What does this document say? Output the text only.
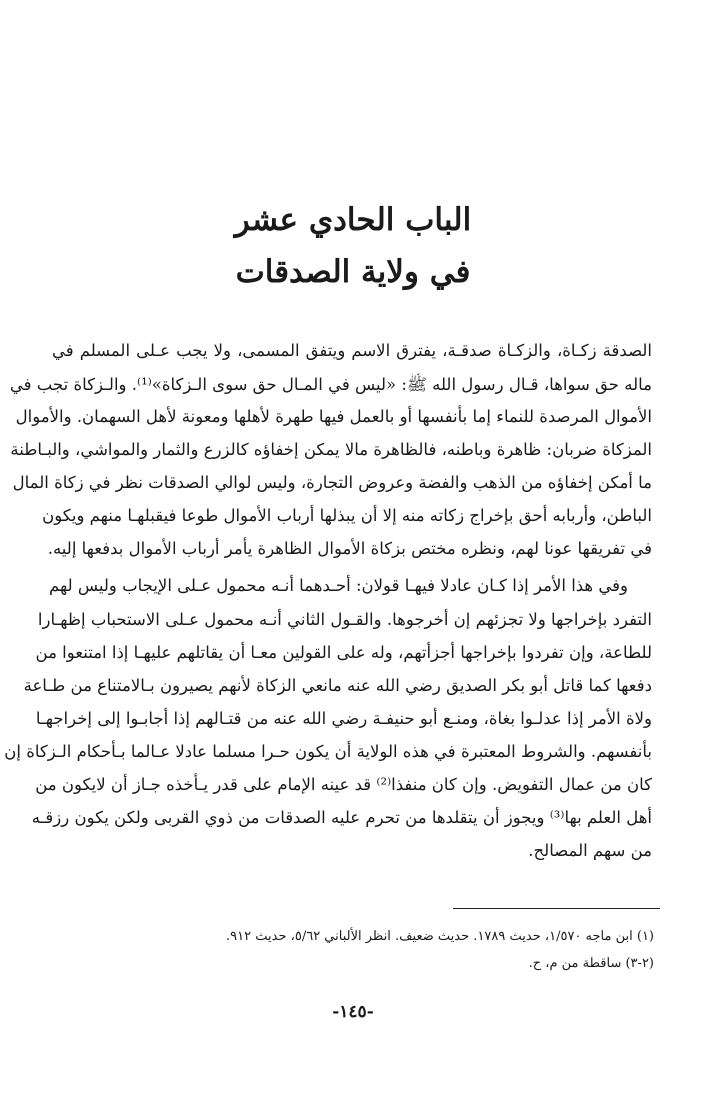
الباب الحادي عشر
في ولاية الصدقات
الصدقة زكـاة، والزكـاة صدقـة، يفترق الاسم ويتفق المسمى، ولا يجب عـلى المسلم في
ماله حق سواها، قـال رسول الله ﷺ: «ليس في المـال حق سوى الـزكاة»⁽¹⁾. والـزكاة تجب في
الأموال المرصدة للنماء إما بأنفسها أو بالعمل فيها طهرة لأهلها ومعونة لأهل السهمان. والأموال
المزكاة ضربان: ظاهرة وباطنه، فالظاهرة مالا يمكن إخفاؤه كالزرع والثمار والمواشي، والبـاطنة
ما أمكن إخفاؤه من الذهب والفضة وعروض التجارة، وليس لوالي الصدقات نظر في زكاة المال
الباطن، وأربابه أحق بإخراج زكاته منه إلا أن يبذلها أرباب الأموال طوعا فيقبلهـا منهم ويكون
في تفريقها عونا لهم، ونظره مختص بزكاة الأموال الظاهرة يأمر أرباب الأموال بدفعها إليه.
وفي هذا الأمر إذا كـان عادلا فيهـا قولان: أحـدهما أنـه محمول عـلى الإيجاب وليس لهم
التفرد بإخراجها ولا تجزئهم إن أخرجوها. والقـول الثاني أنـه محمول عـلى الاستحباب إظهـارا
للطاعة، وإن تفردوا بإخراجها أجزأتهم، وله على القولين معـا أن يقاتلهم عليهـا إذا امتنعوا من
دفعها كما قاتل أبو بكر الصديق رضي الله عنه مانعي الزكاة لأنهم يصيرون بـالامتناع من طـاعة
ولاة الأمر إذا عدلـوا بغاة، ومنـع أبو حنيفـة رضي الله عنه من قتـالهم إذا أجابـوا إلى إخراجهـا
بأنفسهم. والشروط المعتبرة في هذه الولاية أن يكون حـرا مسلما عادلا عـالما بـأحكام الـزكاة إن
كان من عمال التفويض. وإن كان منفذا⁽²⁾ قد عينه الإمام على قدر يـأخذه جـاز أن لايكون من
أهل العلم بها⁽³⁾ ويجوز أن يتقلدها من تحرم عليه الصدقات من ذوي القربى ولكن يكون رزقـه
من سهم المصالح.
(١) ابن ماجه ١/٥٧٠، حديث ١٧٨٩. حديث ضعيف. انظر الألباني ٥/٦٢، حديث ٩١٢.
(٢-٣) ساقطة من م، ح.
-١٤٥-
